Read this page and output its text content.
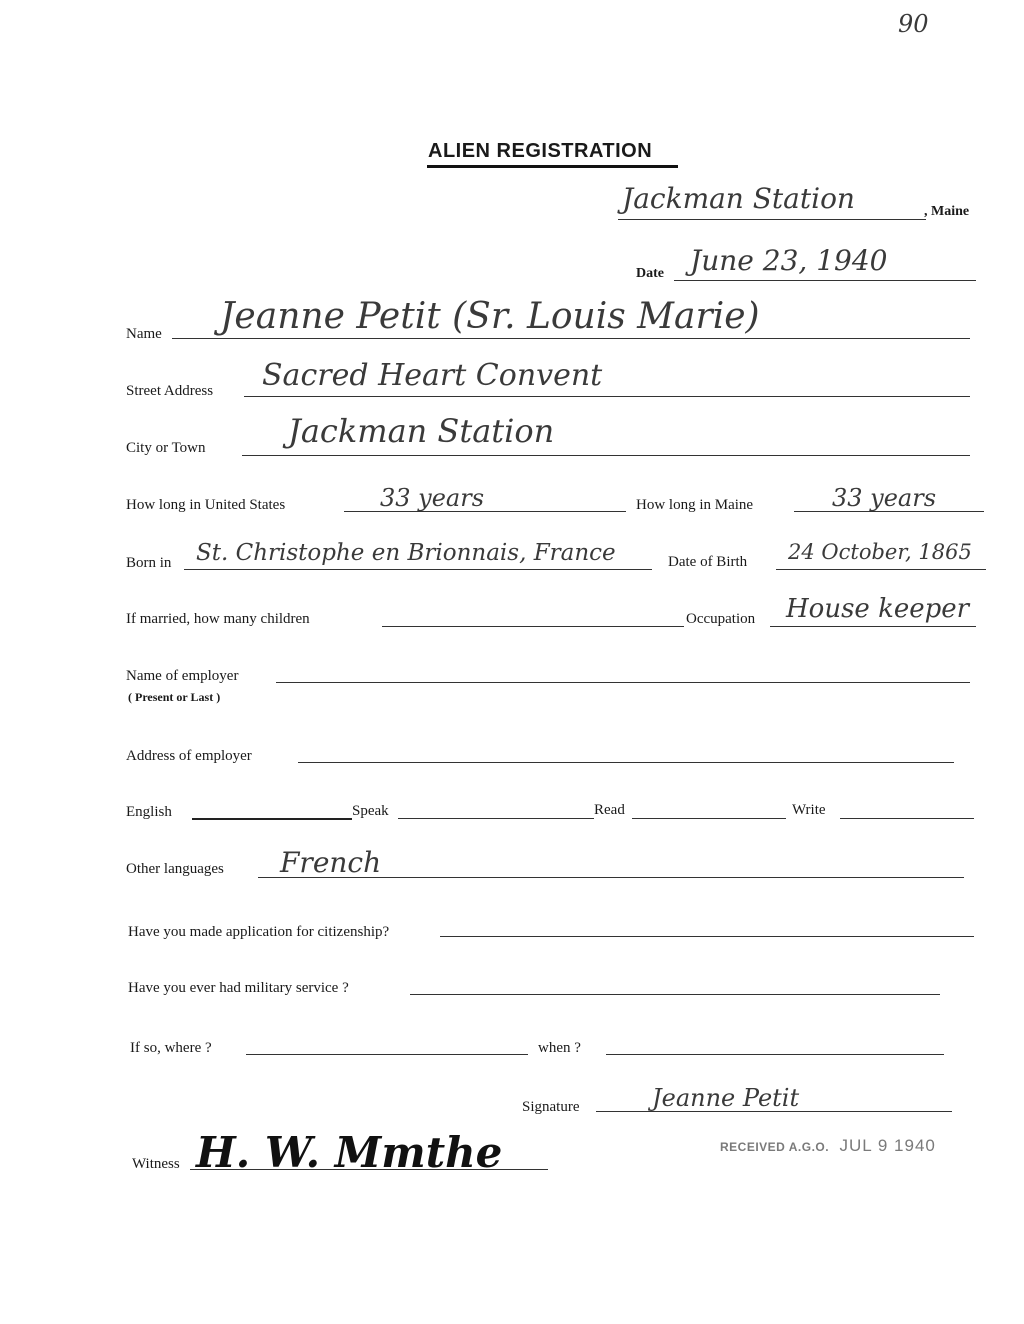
90
ALIEN REGISTRATION
Jackman Station	, Maine
Date June 23, 1940
Name Jeanne Petit (Sr. Louis Marie)
Street Address Sacred Heart Convent
City or Town	Jackman Station
How long in United States	33 years	How long in Maine	33 years
Born in St. Christophe en Brionnais, France	Date of Birth 24 October, 1865
If married, how many children	Occupation House keeper
Name of employer
( Present or Last )
Address of employer
English	Speak	Read	Write
Other languages French
Have you made application for citizenship?
Have you ever had military service ?
If so, where ?	when ?
Signature	Jeanne Petit
Witness H. W. Mmthe	RECEIVED A.G.O. JUL 9 1940
